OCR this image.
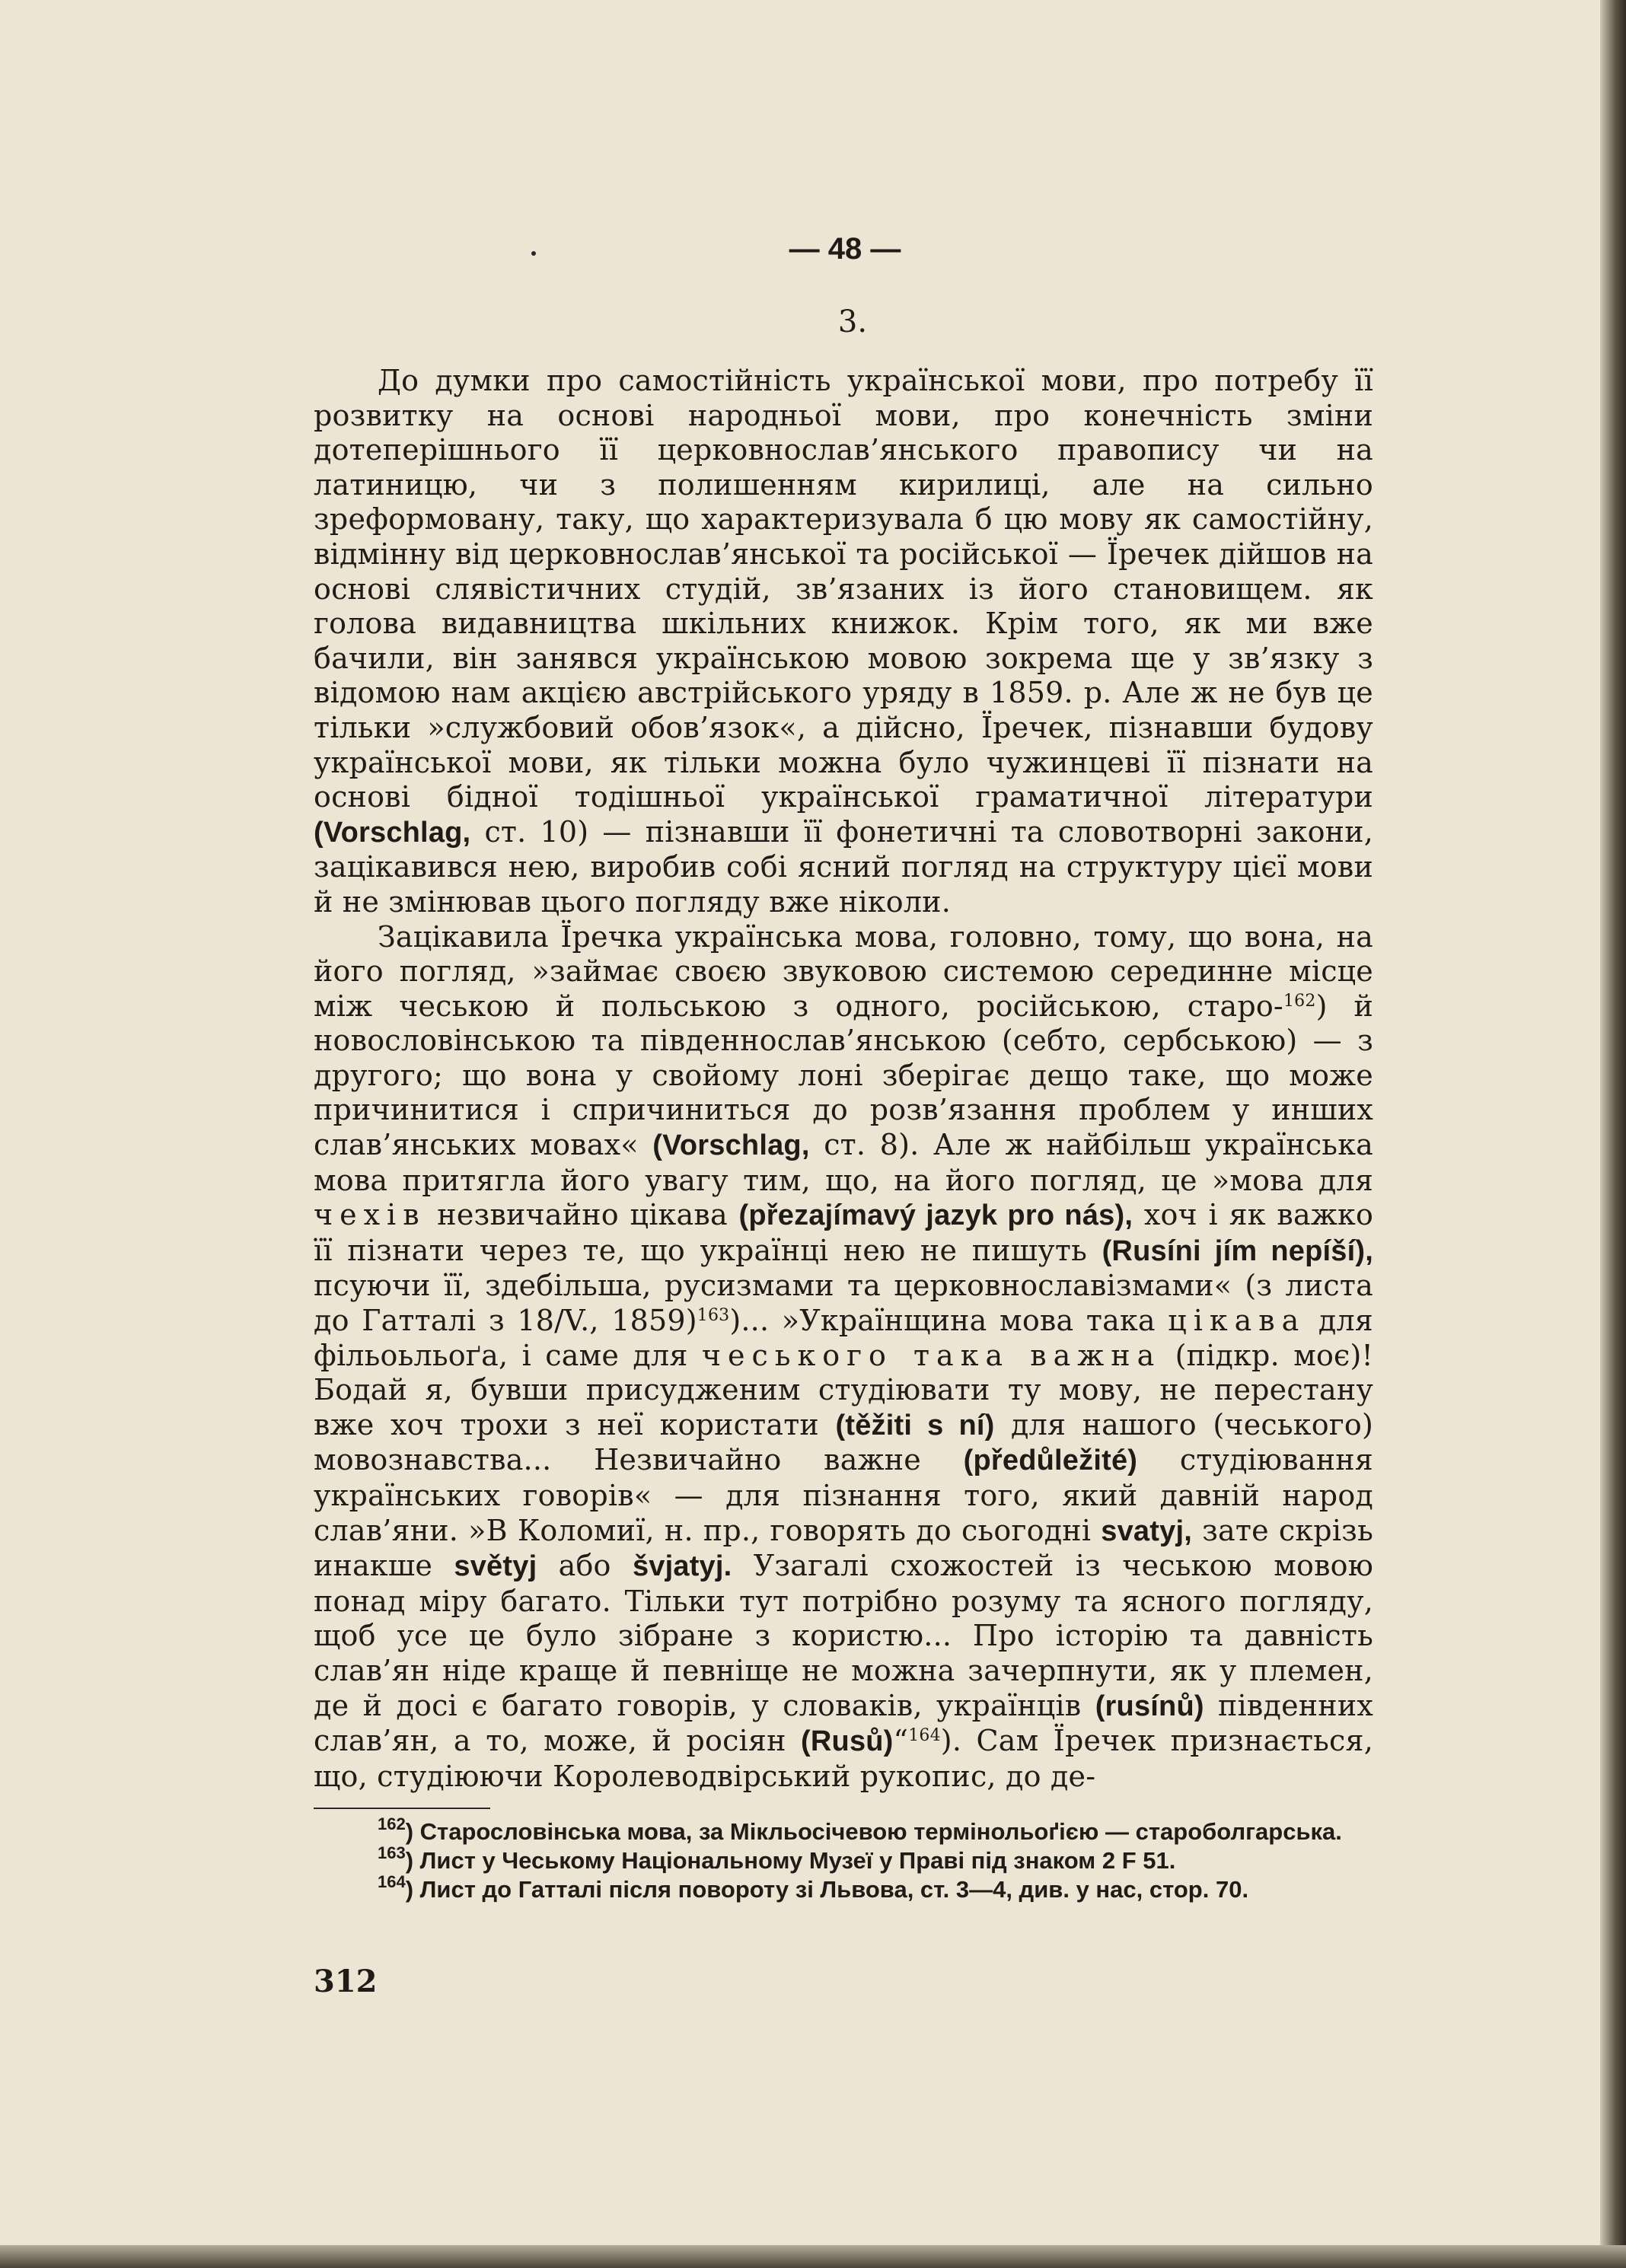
— 48 —
3.

До думки про самостійність української мови, про потребу її розвитку на основі народньої мови, про конечність зміни дотеперішнього її церковнослав’янського правопису чи на латиницю, чи з полишенням кирилиці, але на сильно зреформовану, таку, що характеризувала б цю мову як самостійну, відмінну від церковнослав’янської та російської — Їречек дійшов на основі слявістичних студій, зв’язаних із його становищем. як голова видавництва шкільних книжок. Крім того, як ми вже бачили, він занявся українською мовою зокрема ще у зв’язку з відомою нам акцією австрійського уряду в 1859. р. Але ж не був це тільки »службовий обов’язок«, а дійсно, Їречек, пізнавши будову української мови, як тільки можна було чужинцеві її пізнати на основі бідної тодішньої української граматичної літератури (Vorschlag, ст. 10) — пізнавши її фонетичні та словотворні закони, зацікавився нею, виробив собі ясний погляд на структуру цієї мови й не змінював цього погляду вже ніколи.

Зацікавила Їречка українська мова, головно, тому, що вона, на його погляд, »займає своєю звуковою системою серединне місце між чеською й польською з одного, російською, старо-$^{162}$) й новословінською та південнослав’янською (себто, сербською) — з другого; що вона у свойому лоні зберігає дещо таке, що може причинитися і спричиниться до розв’язання проблем у инших слав’янських мовах« (Vorschlag, ст. 8). Але ж найбільш українська мова притягла його увагу тим, що, на його погляд, це »мова для чехів незвичайно цікава (přezajímavý jazyk pro nás), хоч і як важко її пізнати через те, що українці нею не пишуть (Rusíni jím nepíší), псуючи її, здебільша, русизмами та церковнославізмами« (з листа до Гатталі з 18/V., 1859)$^{163}$)... »Українщина мова така цікава для фільоьльоґа, і саме для чеського така важна (підкр. моє)! Бодай я, бувши присудженим студіювати ту мову, не перестану вже хоч трохи з неї користати (těžiti s ní) для нашого (чеського) мовознавства... Незвичайно важне (předůležité) студіювання українських говорів« — для пізнання того, який давній народ слав’яни. »В Коломиї, н. пр., говорять до сьогодні svatyj, зате скрізь инакше světyj або švjatyj. Узагалі схожостей із чеською мовою понад міру багато. Тільки тут потрібно розуму та ясного погляду, щоб усе це було зібране з користю... Про історію та давність слав’ян ніде краще й певніще не можна зачерпнути, як у племен, де й досі є багато говорів, у словаків, українців (rusínů) південних слав’ян, а то, може, й росіян (Rusů)“$^{164}$). Сам Їречек признається, що, студіюючи Королеводвірський рукопис, до де-

$^{162}$) Старословінська мова, за Мікльосічевою термінольоґією — староболгарська.

$^{163}$) Лист у Чеському Національному Музеї у Праві під знаком 2 F 51.

$^{164}$) Лист до Гатталі після повороту зі Львова, ст. 3—4, див. у нас, стор. 70.

312
